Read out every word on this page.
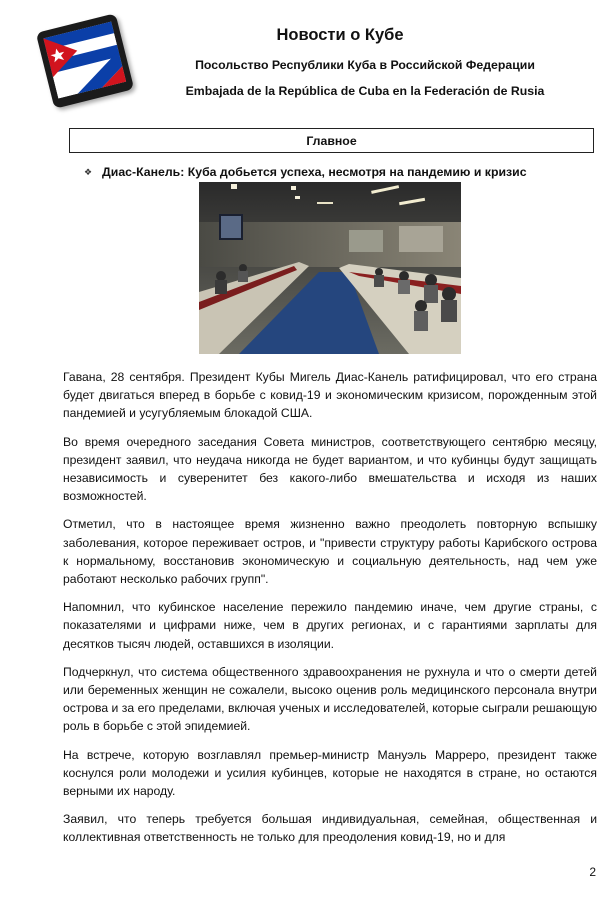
Новости о Кубе
Посольство Республики Куба в Российской Федерации
Embajada de la República de Cuba en la Federación de Rusia
Главное
❖ Диас-Канель: Куба добьется успеха, несмотря на пандемию и кризис

Гавана, 28 сентября. Президент Кубы Мигель Диас-Канель ратифицировал, что его страна будет двигаться вперед в борьбе с ковид-19 и экономическим кризисом, порожденным этой пандемией и усугубляемым блокадой США.

Во время очередного заседания Совета министров, соответствующего сентябрю месяцу, президент заявил, что неудача никогда не будет вариантом, и что кубинцы будут защищать независимость и суверенитет без какого-либо вмешательства и исходя из наших возможностей.

Отметил, что в настоящее время жизненно важно преодолеть повторную вспышку заболевания, которое переживает остров, и "привести структуру работы Карибского острова к нормальному, восстановив экономическую и социальную деятельность, над чем уже работают несколько рабочих групп".

Напомнил, что кубинское население пережило пандемию иначе, чем другие страны, с показателями и цифрами ниже, чем в других регионах, и с гарантиями зарплаты для десятков тысяч людей, оставшихся в изоляции.

Подчеркнул, что система общественного здравоохранения не рухнула и что о смерти детей или беременных женщин не сожалели, высоко оценив роль медицинского персонала внутри острова и за его пределами, включая ученых и исследователей, которые сыграли решающую роль в борьбе с этой эпидемией.

На встрече, которую возглавлял премьер-министр Мануэль Марреро, президент также коснулся роли молодежи и усилия кубинцев, которые не находятся в стране, но остаются верными их народу.

Заявил, что теперь требуется большая индивидуальная, семейная, общественная и коллективная ответственность не только для преодоления ковид-19, но и для

2
